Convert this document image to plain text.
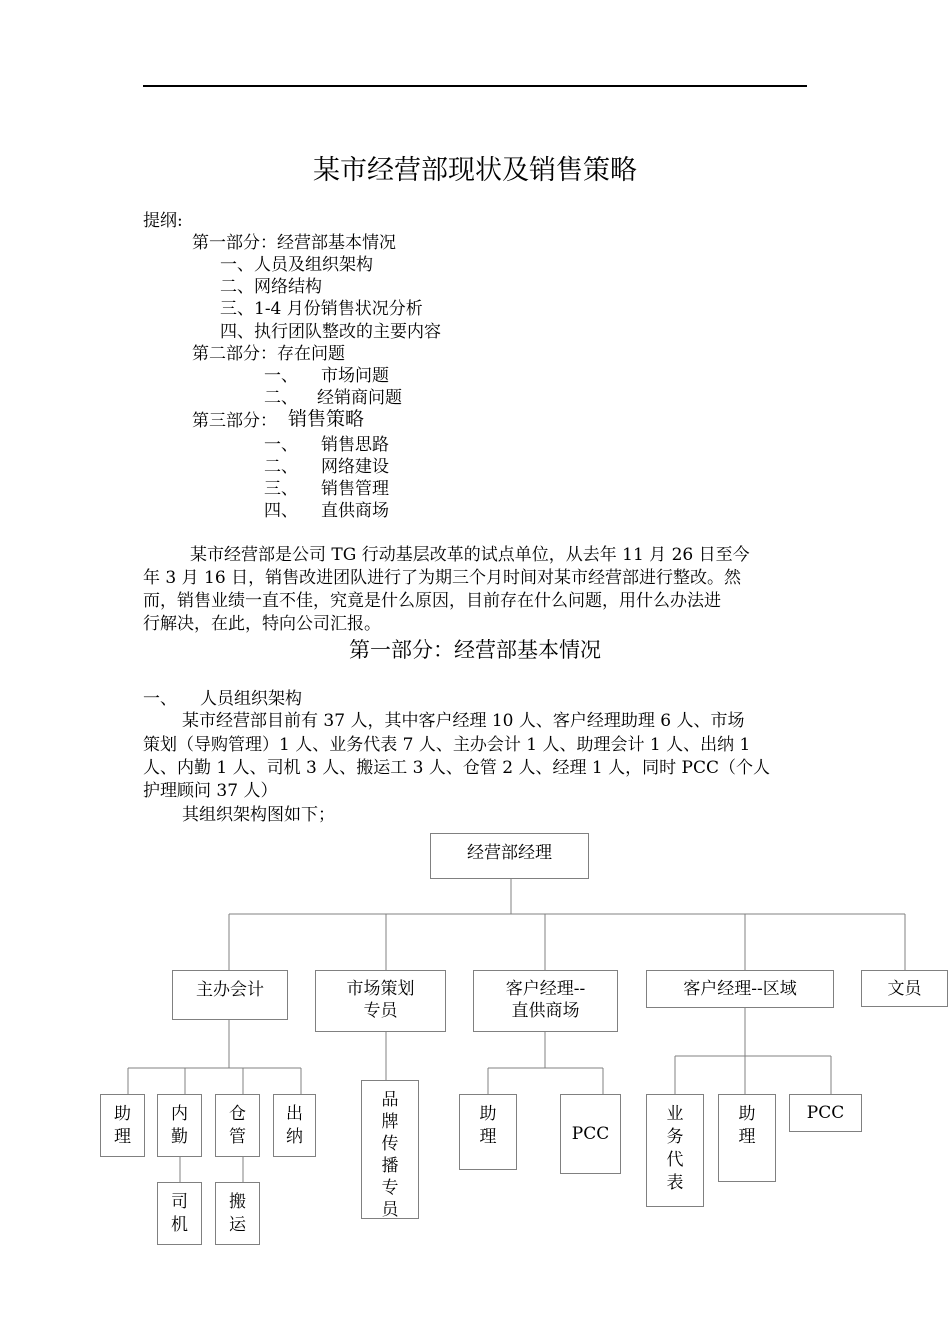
某市经营部现状及销售策略
提纲:
第一部分：经营部基本情况
一、人员及组织架构
二、网络结构
三、1-4 月份销售状况分析
四、执行团队整改的主要内容
第二部分：存在问题
一、 市场问题
二、 经销商问题
第三部分： 销售策略
一、 销售思路
二、 网络建设
三、 销售管理
四、 直供商场
某市经营部是公司 TG 行动基层改革的试点单位，从去年 11 月 26 日至今
年 3 月 16 日，销售改进团队进行了为期三个月时间对某市经营部进行整改。然
而，销售业绩一直不佳，究竟是什么原因，目前存在什么问题，用什么办法进
行解决，在此，特向公司汇报。
第一部分：经营部基本情况
一、 人员组织架构
某市经营部目前有 37 人，其中客户经理 10 人、客户经理助理 6 人、市场
策划（导购管理）1 人、业务代表 7 人、主办会计 1 人、助理会计 1 人、出纳 1
人、内勤 1 人、司机 3 人、搬运工 3 人、仓管 2 人、经理 1 人，同时 PCC（个人
护理顾问 37 人）
其组织架构图如下；
经营部经理
主办会计	市场策划
专员
客户经理--
直供商场
客户经理--区域	文员
助理
内勤
仓管
出纳
司机
搬运
品牌传播专员
助理	PCC
业务代表
助理
PCC
